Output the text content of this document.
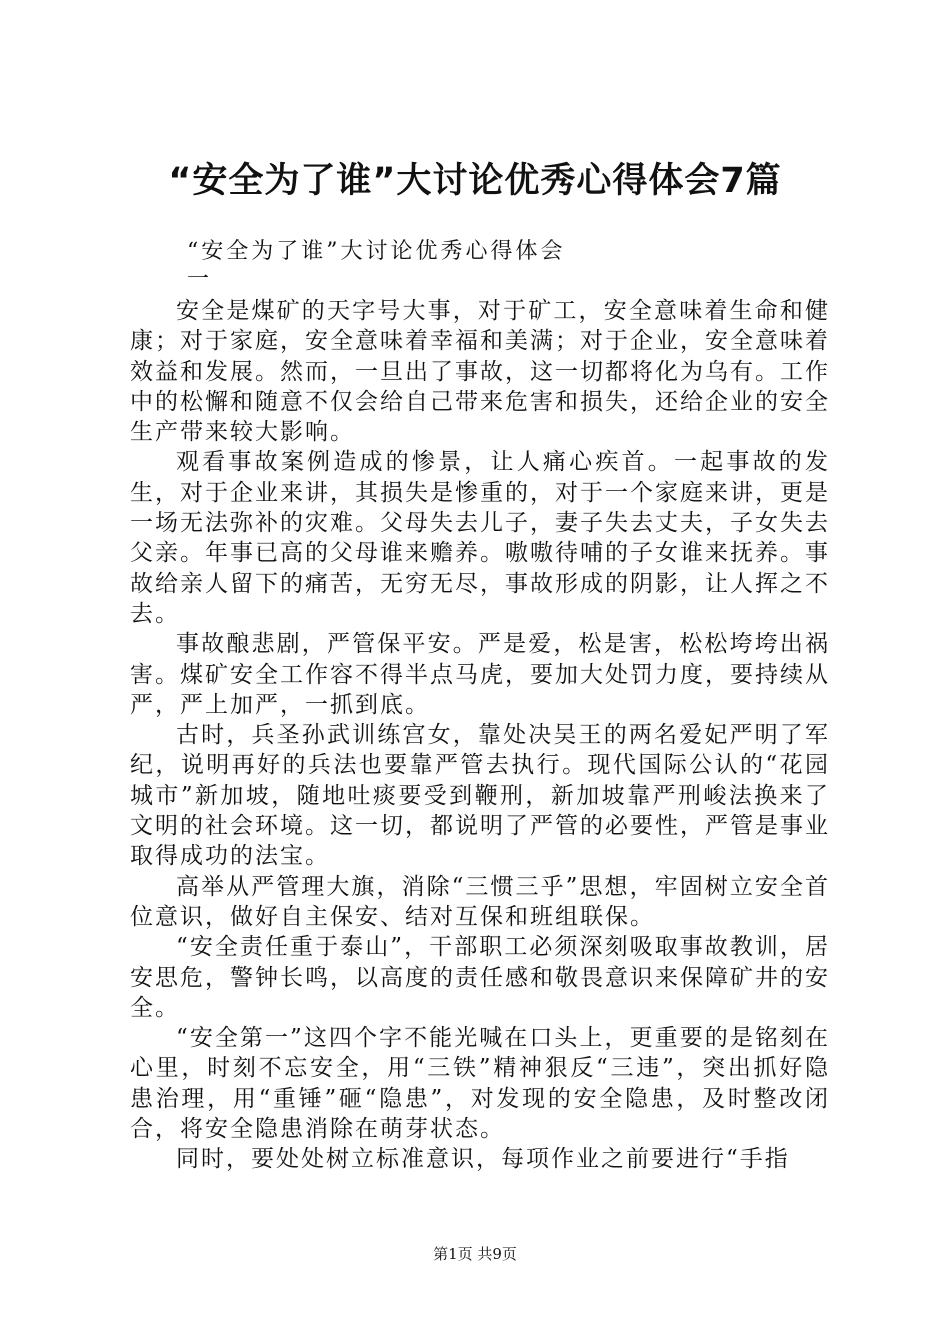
“安全为了谁”大讨论优秀心得体会7篇
“安全为了谁”大讨论优秀心得体会
一

安全是煤矿的天字号大事，对于矿工，安全意味着生命和健康；对于家庭，安全意味着幸福和美满；对于企业，安全意味着效益和发展。然而，一旦出了事故，这一切都将化为乌有。工作中的松懈和随意不仅会给自己带来危害和损失，还给企业的安全生产带来较大影响。

观看事故案例造成的惨景，让人痛心疾首。一起事故的发生，对于企业来讲，其损失是惨重的，对于一个家庭来讲，更是一场无法弥补的灾难。父母失去儿子，妻子失去丈夫，子女失去父亲。年事已高的父母谁来赡养。嗷嗷待哺的子女谁来抚养。事故给亲人留下的痛苦，无穷无尽，事故形成的阴影，让人挥之不去。

事故酿悲剧，严管保平安。严是爱，松是害，松松垮垮出祸害。煤矿安全工作容不得半点马虎，要加大处罚力度，要持续从严，严上加严，一抓到底。

古时，兵圣孙武训练宫女，靠处决吴王的两名爱妃严明了军纪，说明再好的兵法也要靠严管去执行。现代国际公认的“花园城市”新加坡，随地吐痰要受到鞭刑，新加坡靠严刑峻法换来了文明的社会环境。这一切，都说明了严管的必要性，严管是事业取得成功的法宝。

高举从严管理大旗，消除“三惯三乎”思想，牢固树立安全首位意识，做好自主保安、结对互保和班组联保。

“安全责任重于泰山”，干部职工必须深刻吸取事故教训，居安思危，警钟长鸣，以高度的责任感和敬畏意识来保障矿井的安全。

“安全第一”这四个字不能光喊在口头上，更重要的是铭刻在心里，时刻不忘安全，用“三铁”精神狠反“三违”，突出抓好隐患治理，用“重锤”砸“隐患”，对发现的安全隐患，及时整改闭合，将安全隐患消除在萌芽状态。

同时，要处处树立标准意识，每项作业之前要进行“手指

第1页 共9页
